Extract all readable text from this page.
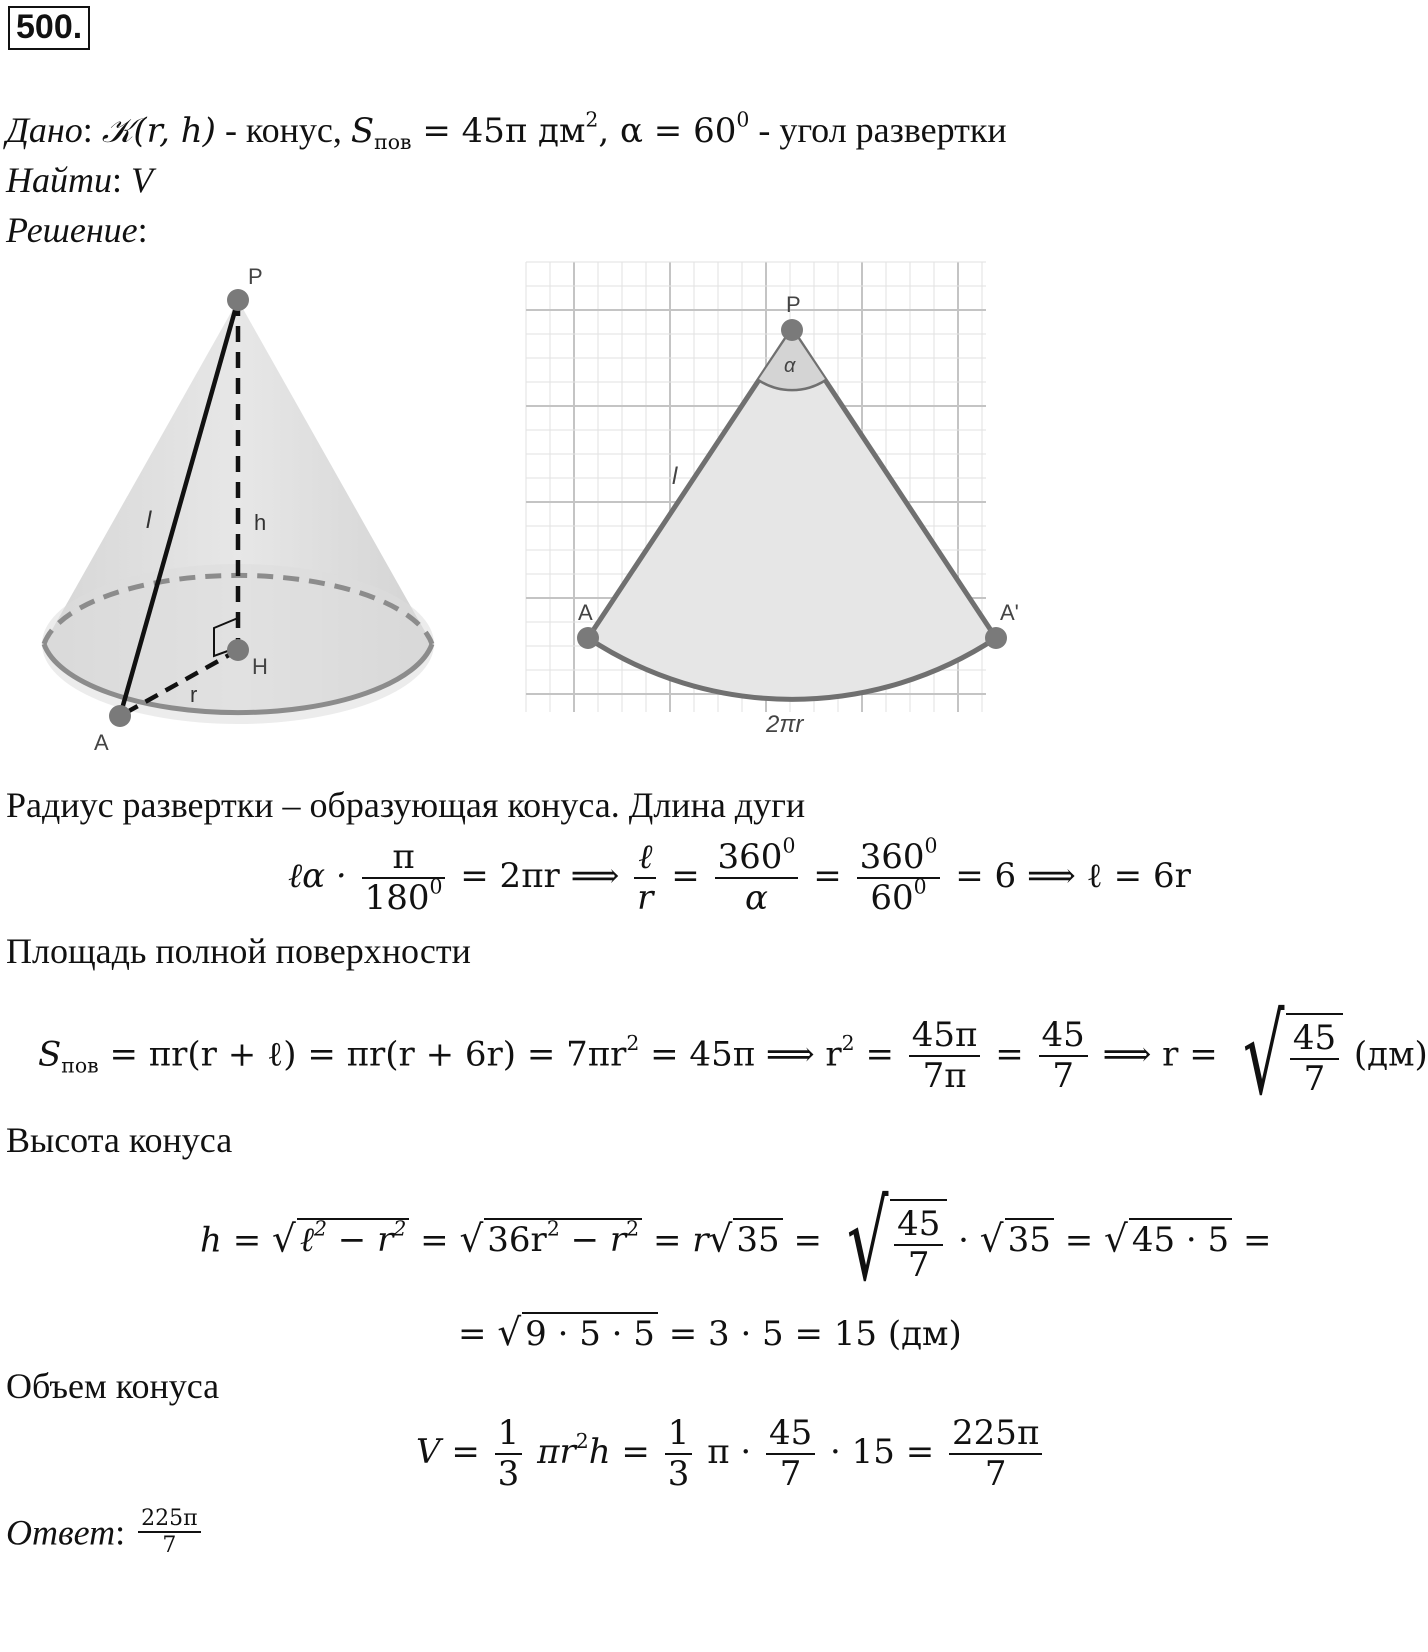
500.
Дано: 𝒦(r, h) - конус, $S_{пов} = 45\pi$ $дм^2$, $\alpha = 60^0$ - угол развертки
Найти: V
Решение:
P
H
A
l	h
r
P
A	A'
α
l
2πr
Радиус развертки – образующая конуса. Длина дуги
ℓα · $\frac{\pi}{180^0} = 2\pi r$ ⟹ $\frac{\text{ℓ}}{r} = \frac{360^0}{\alpha} = \frac{360^0}{60^0} = 6$ ⟹ ℓ = 6r
Площадь полной поверхности
$S_{пов} = \pi r(r$ + ℓ) = $\pi r(r + 6r) = 7\pi r^2 = 45\pi$ ⟹ $r^2 = \frac{45\pi}{7\pi} = \frac{45}{7}$ ⟹ r = √ $\frac{45}{7} (дм)$
Высота конуса
h = √ ℓ$^2$ − $r^2$ = √ $36r^2 - r^2 = r√$ 35 = √ $\frac{45}{7}$ · √ 35 = √ 45 · 5 =
= √ 9 · 5 · 5 = 3 · 5 = 15 (дм)
Объем конуса
$V = \frac{1}{3} \pi r^2h = \frac{1}{3}$ $\pi \cdot \frac{45}{7} \cdot 15 = \frac{225\pi}{7}$
Ответ: $\frac{225\pi}{7}$
